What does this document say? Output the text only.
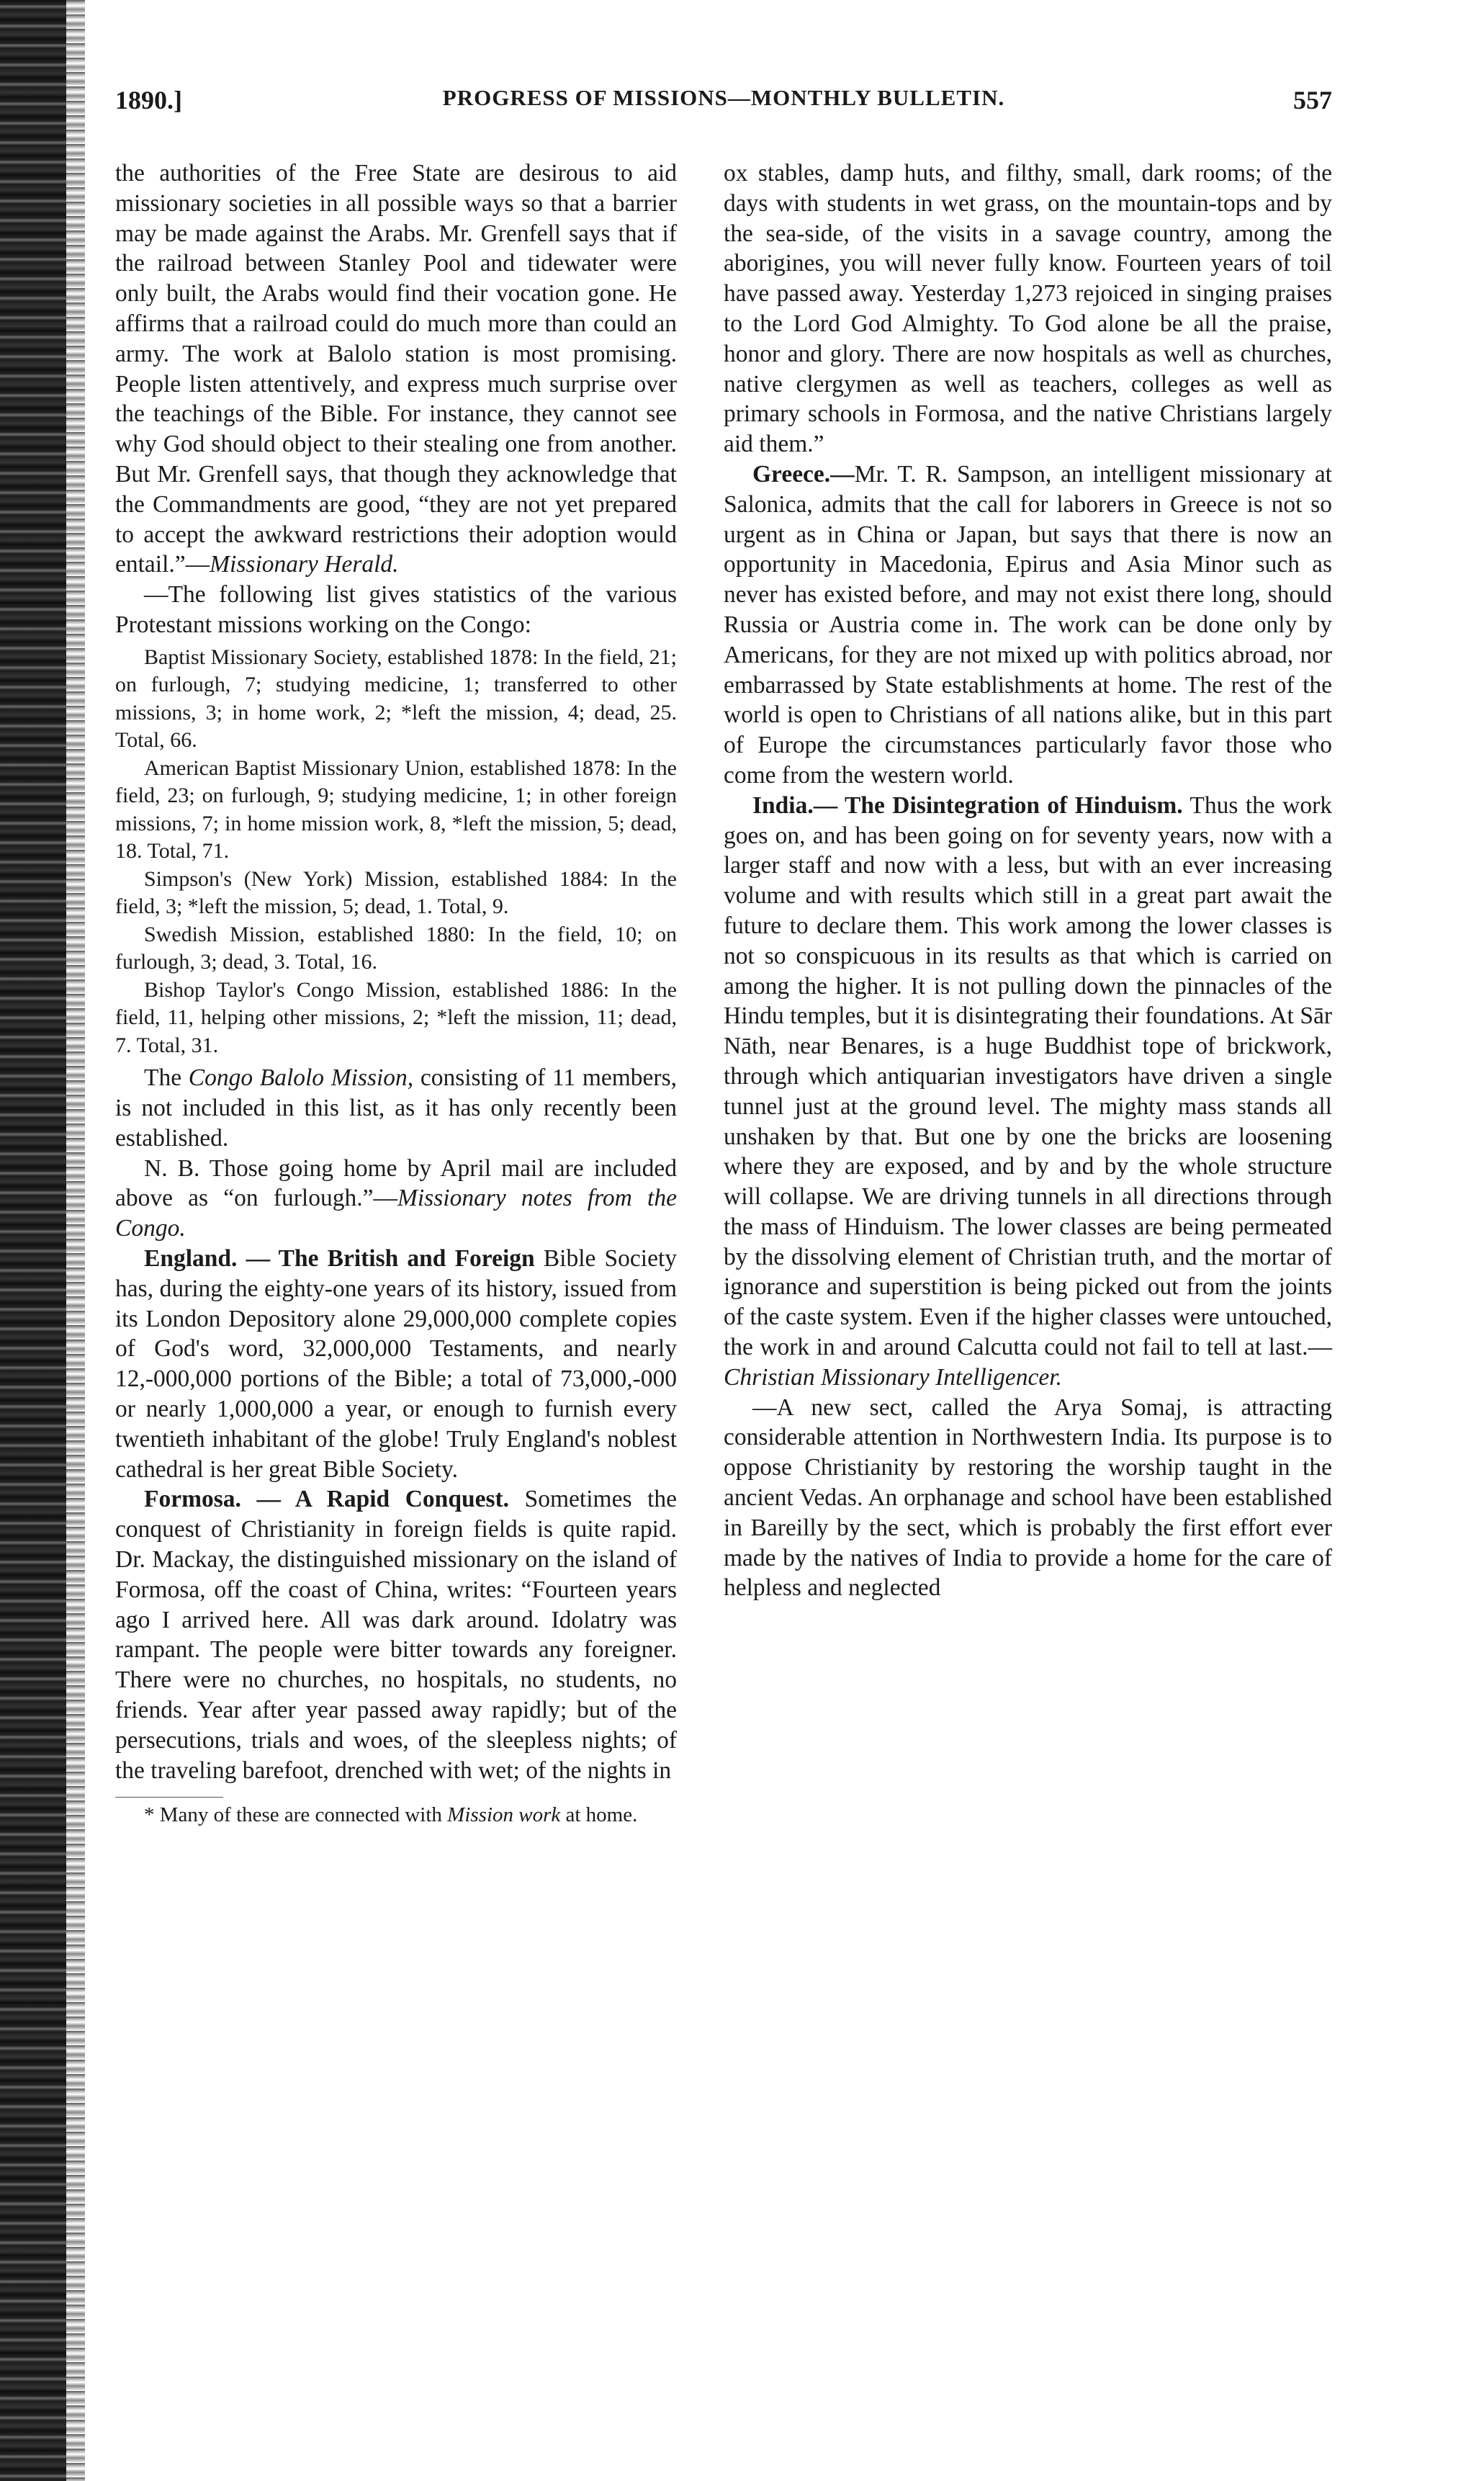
1890.]	PROGRESS OF MISSIONS—MONTHLY BULLETIN.	557

the authorities of the Free State are desirous to aid missionary societies in all possible ways so that a barrier may be made against the Arabs. Mr. Grenfell says that if the railroad between Stanley Pool and tidewater were only built, the Arabs would find their vocation gone. He affirms that a railroad could do much more than could an army. The work at Balolo station is most promising. People listen attentively, and express much surprise over the teachings of the Bible. For instance, they cannot see why God should object to their stealing one from another. But Mr. Grenfell says, that though they acknowledge that the Commandments are good, “they are not yet prepared to accept the awkward restrictions their adoption would entail.”—Missionary Herald.

—The following list gives statistics of the various Protestant missions working on the Congo:

Baptist Missionary Society, established 1878: In the field, 21; on furlough, 7; studying medicine, 1; transferred to other missions, 3; in home work, 2; *left the mission, 4; dead, 25. Total, 66.

American Baptist Missionary Union, established 1878: In the field, 23; on furlough, 9; studying medicine, 1; in other foreign missions, 7; in home mission work, 8, *left the mission, 5; dead, 18. Total, 71.

Simpson's (New York) Mission, established 1884: In the field, 3; *left the mission, 5; dead, 1. Total, 9.

Swedish Mission, established 1880: In the field, 10; on furlough, 3; dead, 3. Total, 16.

Bishop Taylor's Congo Mission, established 1886: In the field, 11, helping other missions, 2; *left the mission, 11; dead, 7. Total, 31.

The Congo Balolo Mission, consisting of 11 members, is not included in this list, as it has only recently been established.

N. B. Those going home by April mail are included above as “on furlough.”—Missionary notes from the Congo.

England. — The British and Foreign Bible Society has, during the eighty-one years of its history, issued from its London Depository alone 29,000,000 complete copies of God's word, 32,000,000 Testaments, and nearly 12,-000,000 portions of the Bible; a total of 73,000,-000 or nearly 1,000,000 a year, or enough to furnish every twentieth inhabitant of the globe! Truly England's noblest cathedral is her great Bible Society.

Formosa. — A Rapid Conquest. Sometimes the conquest of Christianity in foreign fields is quite rapid. Dr. Mackay, the distinguished missionary on the island of Formosa, off the coast of China, writes: “Fourteen years ago I arrived here. All was dark around. Idolatry was rampant. The people were bitter towards any foreigner. There were no churches, no hospitals, no students, no friends. Year after year passed away rapidly; but of the persecutions, trials and woes, of the sleepless nights; of the traveling barefoot, drenched with wet; of the nights in

* Many of these are connected with Mission work at home.

ox stables, damp huts, and filthy, small, dark rooms; of the days with students in wet grass, on the mountain-tops and by the sea-side, of the visits in a savage country, among the aborigines, you will never fully know. Fourteen years of toil have passed away. Yesterday 1,273 rejoiced in singing praises to the Lord God Almighty. To God alone be all the praise, honor and glory. There are now hospitals as well as churches, native clergymen as well as teachers, colleges as well as primary schools in Formosa, and the native Christians largely aid them.”

Greece.—Mr. T. R. Sampson, an intelligent missionary at Salonica, admits that the call for laborers in Greece is not so urgent as in China or Japan, but says that there is now an opportunity in Macedonia, Epirus and Asia Minor such as never has existed before, and may not exist there long, should Russia or Austria come in. The work can be done only by Americans, for they are not mixed up with politics abroad, nor embarrassed by State establishments at home. The rest of the world is open to Christians of all nations alike, but in this part of Europe the circumstances particularly favor those who come from the western world.

India.— The Disintegration of Hinduism. Thus the work goes on, and has been going on for seventy years, now with a larger staff and now with a less, but with an ever increasing volume and with results which still in a great part await the future to declare them. This work among the lower classes is not so conspicuous in its results as that which is carried on among the higher. It is not pulling down the pinnacles of the Hindu temples, but it is disintegrating their foundations. At Sār Nāth, near Benares, is a huge Buddhist tope of brickwork, through which antiquarian investigators have driven a single tunnel just at the ground level. The mighty mass stands all unshaken by that. But one by one the bricks are loosening where they are exposed, and by and by the whole structure will collapse. We are driving tunnels in all directions through the mass of Hinduism. The lower classes are being permeated by the dissolving element of Christian truth, and the mortar of ignorance and superstition is being picked out from the joints of the caste system. Even if the higher classes were untouched, the work in and around Calcutta could not fail to tell at last.—Christian Missionary Intelligencer.

—A new sect, called the Arya Somaj, is attracting considerable attention in Northwestern India. Its purpose is to oppose Christianity by restoring the worship taught in the ancient Vedas. An orphanage and school have been established in Bareilly by the sect, which is probably the first effort ever made by the natives of India to provide a home for the care of helpless and neglected
